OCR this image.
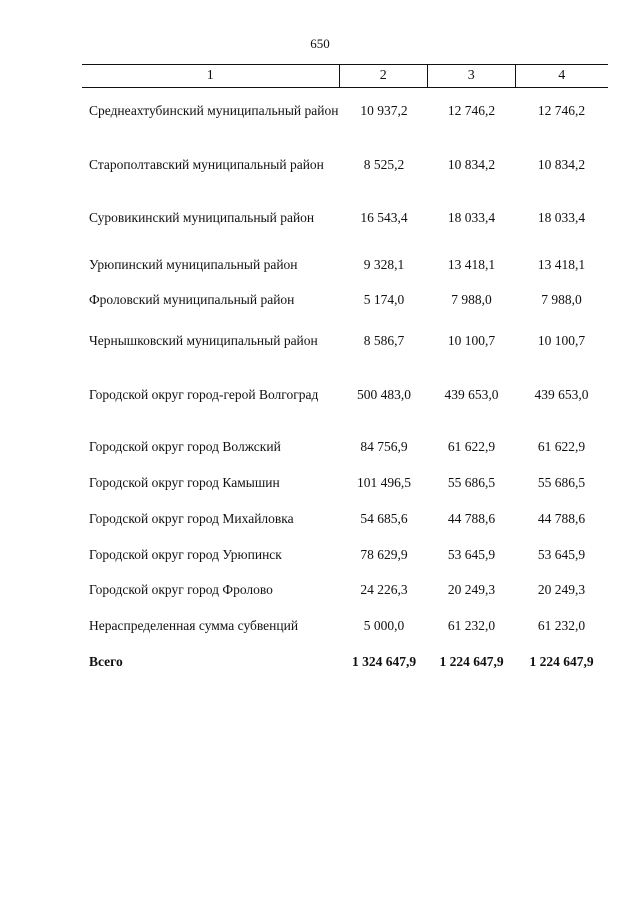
650
1	2	3	4
Среднеахтубинский муниципальный район	10 937,2	12 746,2	12 746,2
Старополтавский муниципальный район	8 525,2	10 834,2	10 834,2
Суровикинский муниципальный район	16 543,4	18 033,4	18 033,4
Урюпинский муниципальный район	9 328,1	13 418,1	13 418,1
Фроловский муниципальный район	5 174,0	7 988,0	7 988,0
Чернышковский муниципальный район	8 586,7	10 100,7	10 100,7
Городской округ город-герой Волгоград	500 483,0	439 653,0	439 653,0
Городской округ город Волжский	84 756,9	61 622,9	61 622,9
Городской округ город Камышин	101 496,5	55 686,5	55 686,5
Городской округ город Михайловка	54 685,6	44 788,6	44 788,6
Городской округ город Урюпинск	78 629,9	53 645,9	53 645,9
Городской округ город Фролово	24 226,3	20 249,3	20 249,3
Нераспределенная сумма субвенций	5 000,0	61 232,0	61 232,0
Всего	1 324 647,9	1 224 647,9	1 224 647,9
